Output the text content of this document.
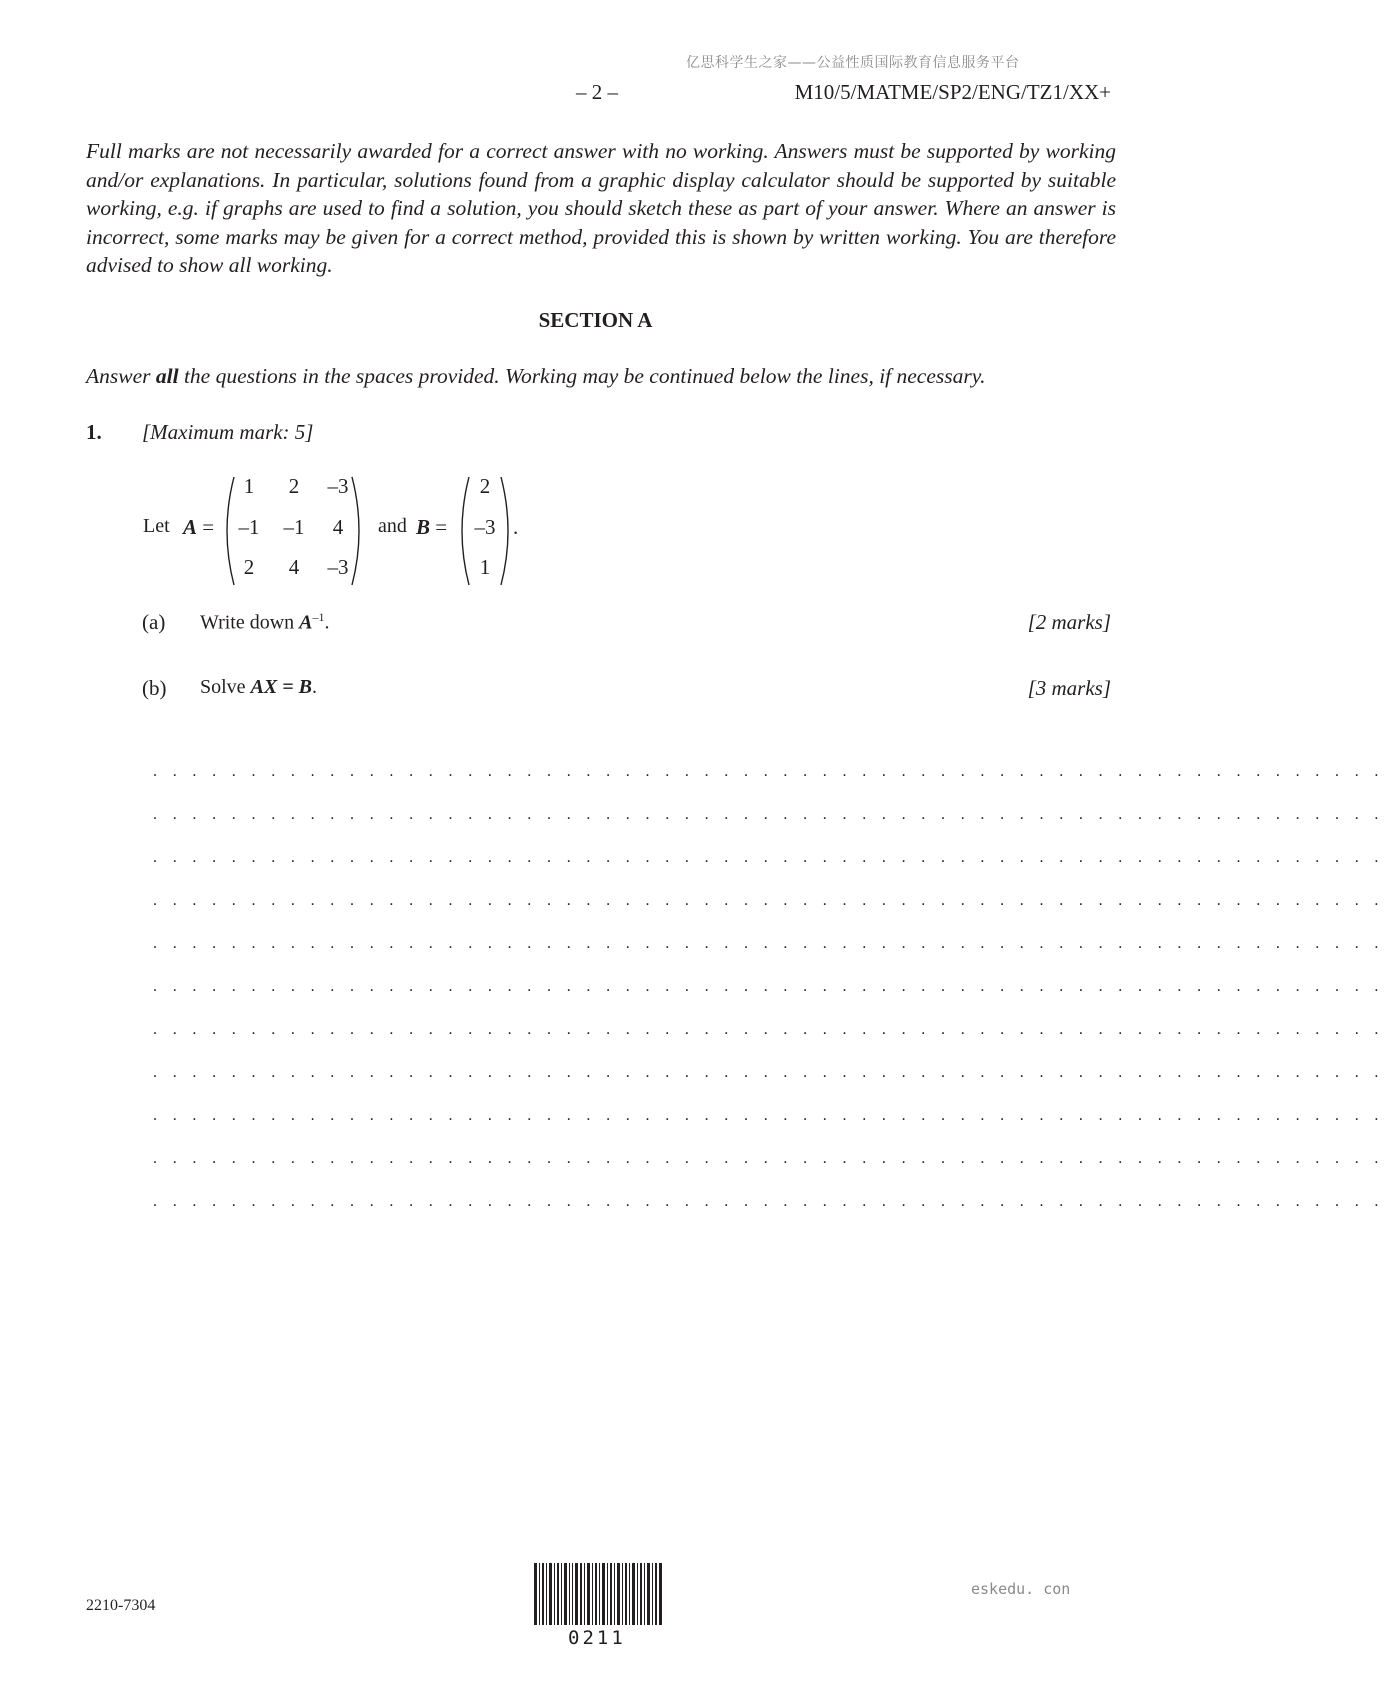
亿思科学生之家——公益性质国际教育信息服务平台
– 2 –	M10/5/MATME/SP2/ENG/TZ1/XX+
Full marks are not necessarily awarded for a correct answer with no working. Answers must be supported by working and/or explanations. In particular, solutions found from a graphic display calculator should be supported by suitable working, e.g. if graphs are used to find a solution, you should sketch these as part of your answer. Where an answer is incorrect, some marks may be given for a correct method, provided this is shown by written working. You are therefore advised to show all working.
SECTION A
Answer all the questions in the spaces provided. Working may be continued below the lines, if necessary.
1. [Maximum mark: 5]
Let A =
1	2	–3
–1	–1	4
2	4	–3
and B =
2
–3
1
.
(a) Write down $A^{-1}$.	[2 marks]
(b) Solve AX = B.	[3 marks]
. . . . . . . . . . . . . . . . . . . . . . . . . . . . . . . . . . . . . . . . . . . . . . . . . . . . . . . . . . . . . . .
. . . . . . . . . . . . . . . . . . . . . . . . . . . . . . . . . . . . . . . . . . . . . . . . . . . . . . . . . . . . . . .
. . . . . . . . . . . . . . . . . . . . . . . . . . . . . . . . . . . . . . . . . . . . . . . . . . . . . . . . . . . . . . .
. . . . . . . . . . . . . . . . . . . . . . . . . . . . . . . . . . . . . . . . . . . . . . . . . . . . . . . . . . . . . . .
. . . . . . . . . . . . . . . . . . . . . . . . . . . . . . . . . . . . . . . . . . . . . . . . . . . . . . . . . . . . . . .
. . . . . . . . . . . . . . . . . . . . . . . . . . . . . . . . . . . . . . . . . . . . . . . . . . . . . . . . . . . . . . .
. . . . . . . . . . . . . . . . . . . . . . . . . . . . . . . . . . . . . . . . . . . . . . . . . . . . . . . . . . . . . . .
. . . . . . . . . . . . . . . . . . . . . . . . . . . . . . . . . . . . . . . . . . . . . . . . . . . . . . . . . . . . . . .
. . . . . . . . . . . . . . . . . . . . . . . . . . . . . . . . . . . . . . . . . . . . . . . . . . . . . . . . . . . . . . .
. . . . . . . . . . . . . . . . . . . . . . . . . . . . . . . . . . . . . . . . . . . . . . . . . . . . . . . . . . . . . . .
. . . . . . . . . . . . . . . . . . . . . . . . . . . . . . . . . . . . . . . . . . . . . . . . . . . . . . . . . . . . . . .
2210-7304
0211
eskedu. con
